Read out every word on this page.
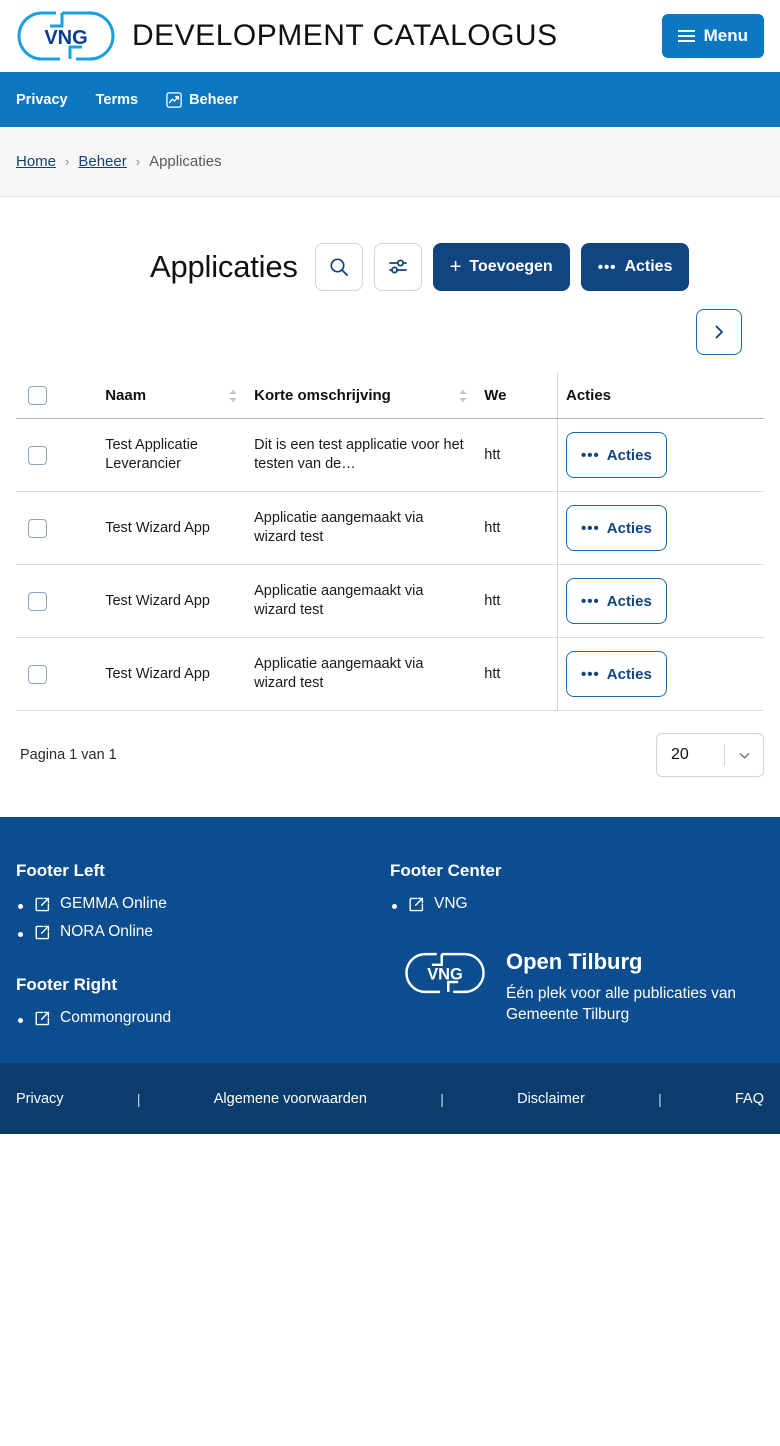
VNG DEVELOPMENT CATALOGUS	Menu
Privacy Terms	Beheer
Home › Beheer › Applicaties
Applicaties	+ Toevoegen	••• Acties

	Naam	Korte omschrijving	We	Acties

	Test Applicatie Leverancier	Dit is een test applicatie voor het testen van de…	htt	••• Acties

	Test Wizard App	Applicatie aangemaakt via wizard test	htt	••• Acties

	Test Wizard App	Applicatie aangemaakt via wizard test	htt	••• Acties

	Test Wizard App	Applicatie aangemaakt via wizard test	htt	••• Acties
Pagina 1 van 1	20
Footer Left
GEMMA Online
NORA Online
Footer Right
Commonground
Footer Center
VNG
VNG
Open Tilburg
Één plek voor alle publicaties van Gemeente Tilburg
Privacy	|	Algemene voorwaarden	|	Disclaimer	|	FAQ
